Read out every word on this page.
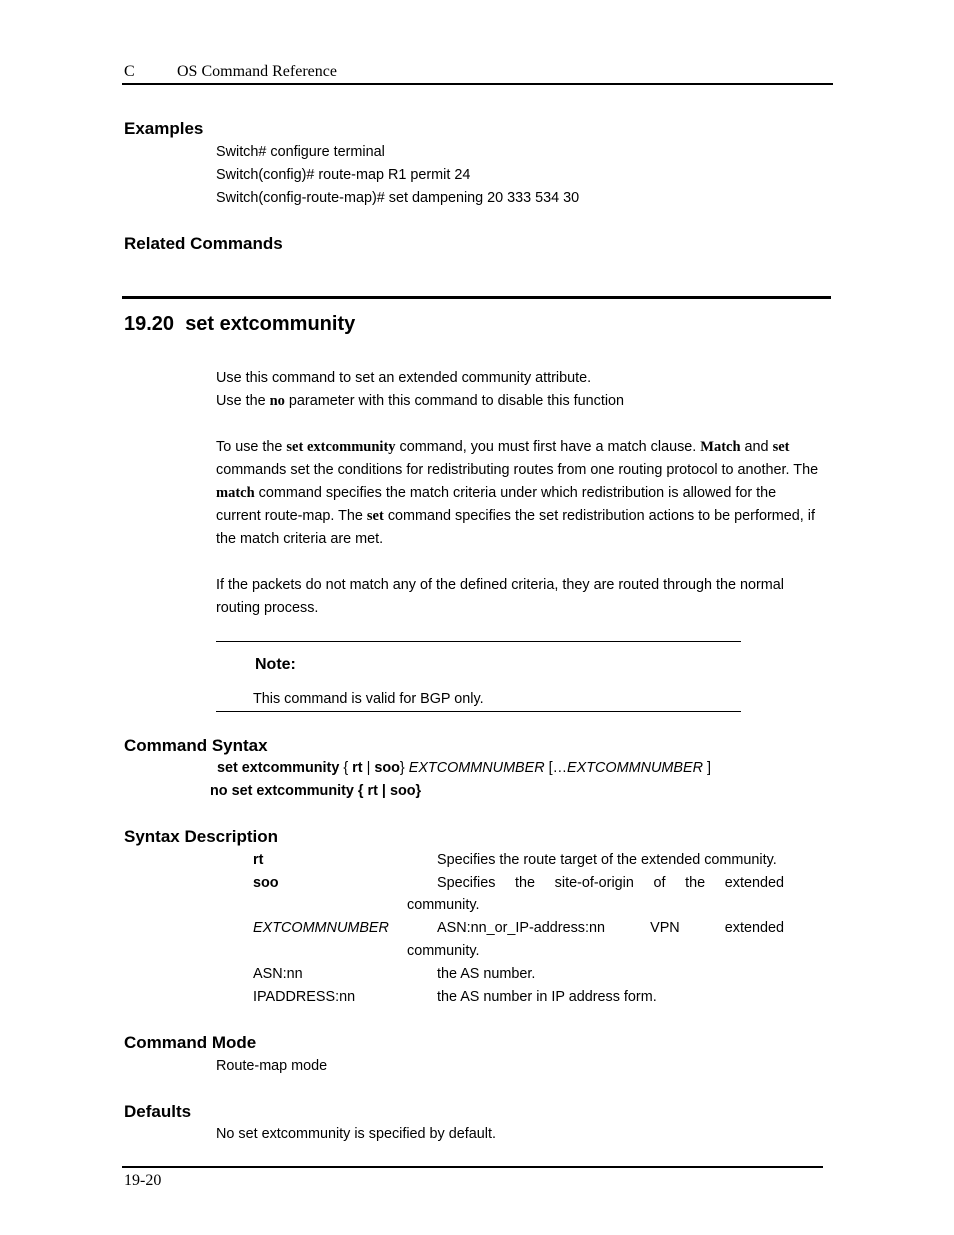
C	OS Command Reference
Examples
Switch# configure terminal
Switch(config)# route-map R1 permit 24
Switch(config-route-map)# set dampening 20 333 534 30
Related Commands
19.20 set extcommunity
Use this command to set an extended community attribute.
Use the no parameter with this command to disable this function
To use the set extcommunity command, you must first have a match clause. Match and set
commands set the conditions for redistributing routes from one routing protocol to another. The
match command specifies the match criteria under which redistribution is allowed for the
current route-map. The set command specifies the set redistribution actions to be performed, if
the match criteria are met.
If the packets do not match any of the defined criteria, they are routed through the normal
routing process.
Note:
This command is valid for BGP only.
Command Syntax
set extcommunity { rt | soo} EXTCOMMNUMBER […EXTCOMMNUMBER ]
no set extcommunity { rt | soo}
Syntax Description
rt	Specifies the route target of the extended community.
soo	Specifies the site-of-origin of the extended
community.
EXTCOMMNUMBER	ASN:nn_or_IP-address:nn	VPN	extended
community.
ASN:nn	the AS number.
IPADDRESS:nn	the AS number in IP address form.
Command Mode
Route-map mode
Defaults
No set extcommunity is specified by default.
19-20
